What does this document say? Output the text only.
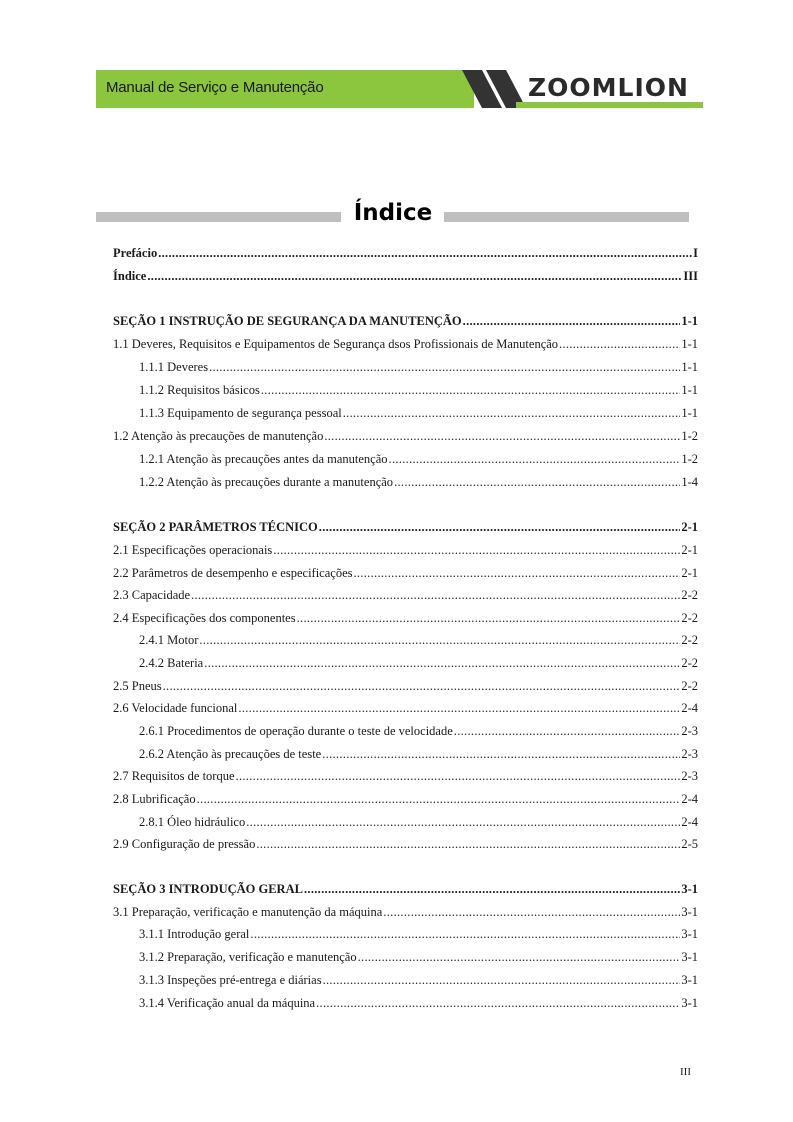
Manual de Serviço e Manutenção	ZOOMLION
Índice
Prefácio .....	I
Índice .....	III
SEÇÃO 1 INSTRUÇÃO DE SEGURANÇA DA MANUTENÇÃO .....	1-1
1.1 Deveres, Requisitos e Equipamentos de Segurança dsos Profissionais de Manutenção .....	1-1
1.1.1 Deveres .....	1-1
1.1.2 Requisitos básicos .....	1-1
1.1.3 Equipamento de segurança pessoal .....	1-1
1.2 Atenção às precauções de manutenção .....	1-2
1.2.1 Atenção às precauções antes da manutenção .....	1-2
1.2.2 Atenção às precauções durante a manutenção .....	1-4
SEÇÃO 2 PARÂMETROS TÉCNICO .....	2-1
2.1 Especificações operacionais .....	2-1
2.2 Parâmetros de desempenho e especificações .....	2-1
2.3 Capacidade .....	2-2
2.4 Especificações dos componentes .....	2-2
2.4.1 Motor .....	2-2
2.4.2 Bateria .....	2-2
2.5 Pneus .....	2-2
2.6 Velocidade funcional .....	2-4
2.6.1 Procedimentos de operação durante o teste de velocidade .....	2-3
2.6.2 Atenção às precauções de teste .....	2-3
2.7 Requisitos de torque .....	2-3
2.8 Lubrificação .....	2-4
2.8.1 Óleo hidráulico .....	2-4
2.9 Configuração de pressão .....	2-5
SEÇÃO 3 INTRODUÇÃO GERAL .....	3-1
3.1 Preparação, verificação e manutenção da máquina .....	3-1
3.1.1 Introdução geral .....	3-1
3.1.2 Preparação, verificação e manutenção .....	3-1
3.1.3 Inspeções pré-entrega e diárias .....	3-1
3.1.4 Verificação anual da máquina .....	3-1
III
